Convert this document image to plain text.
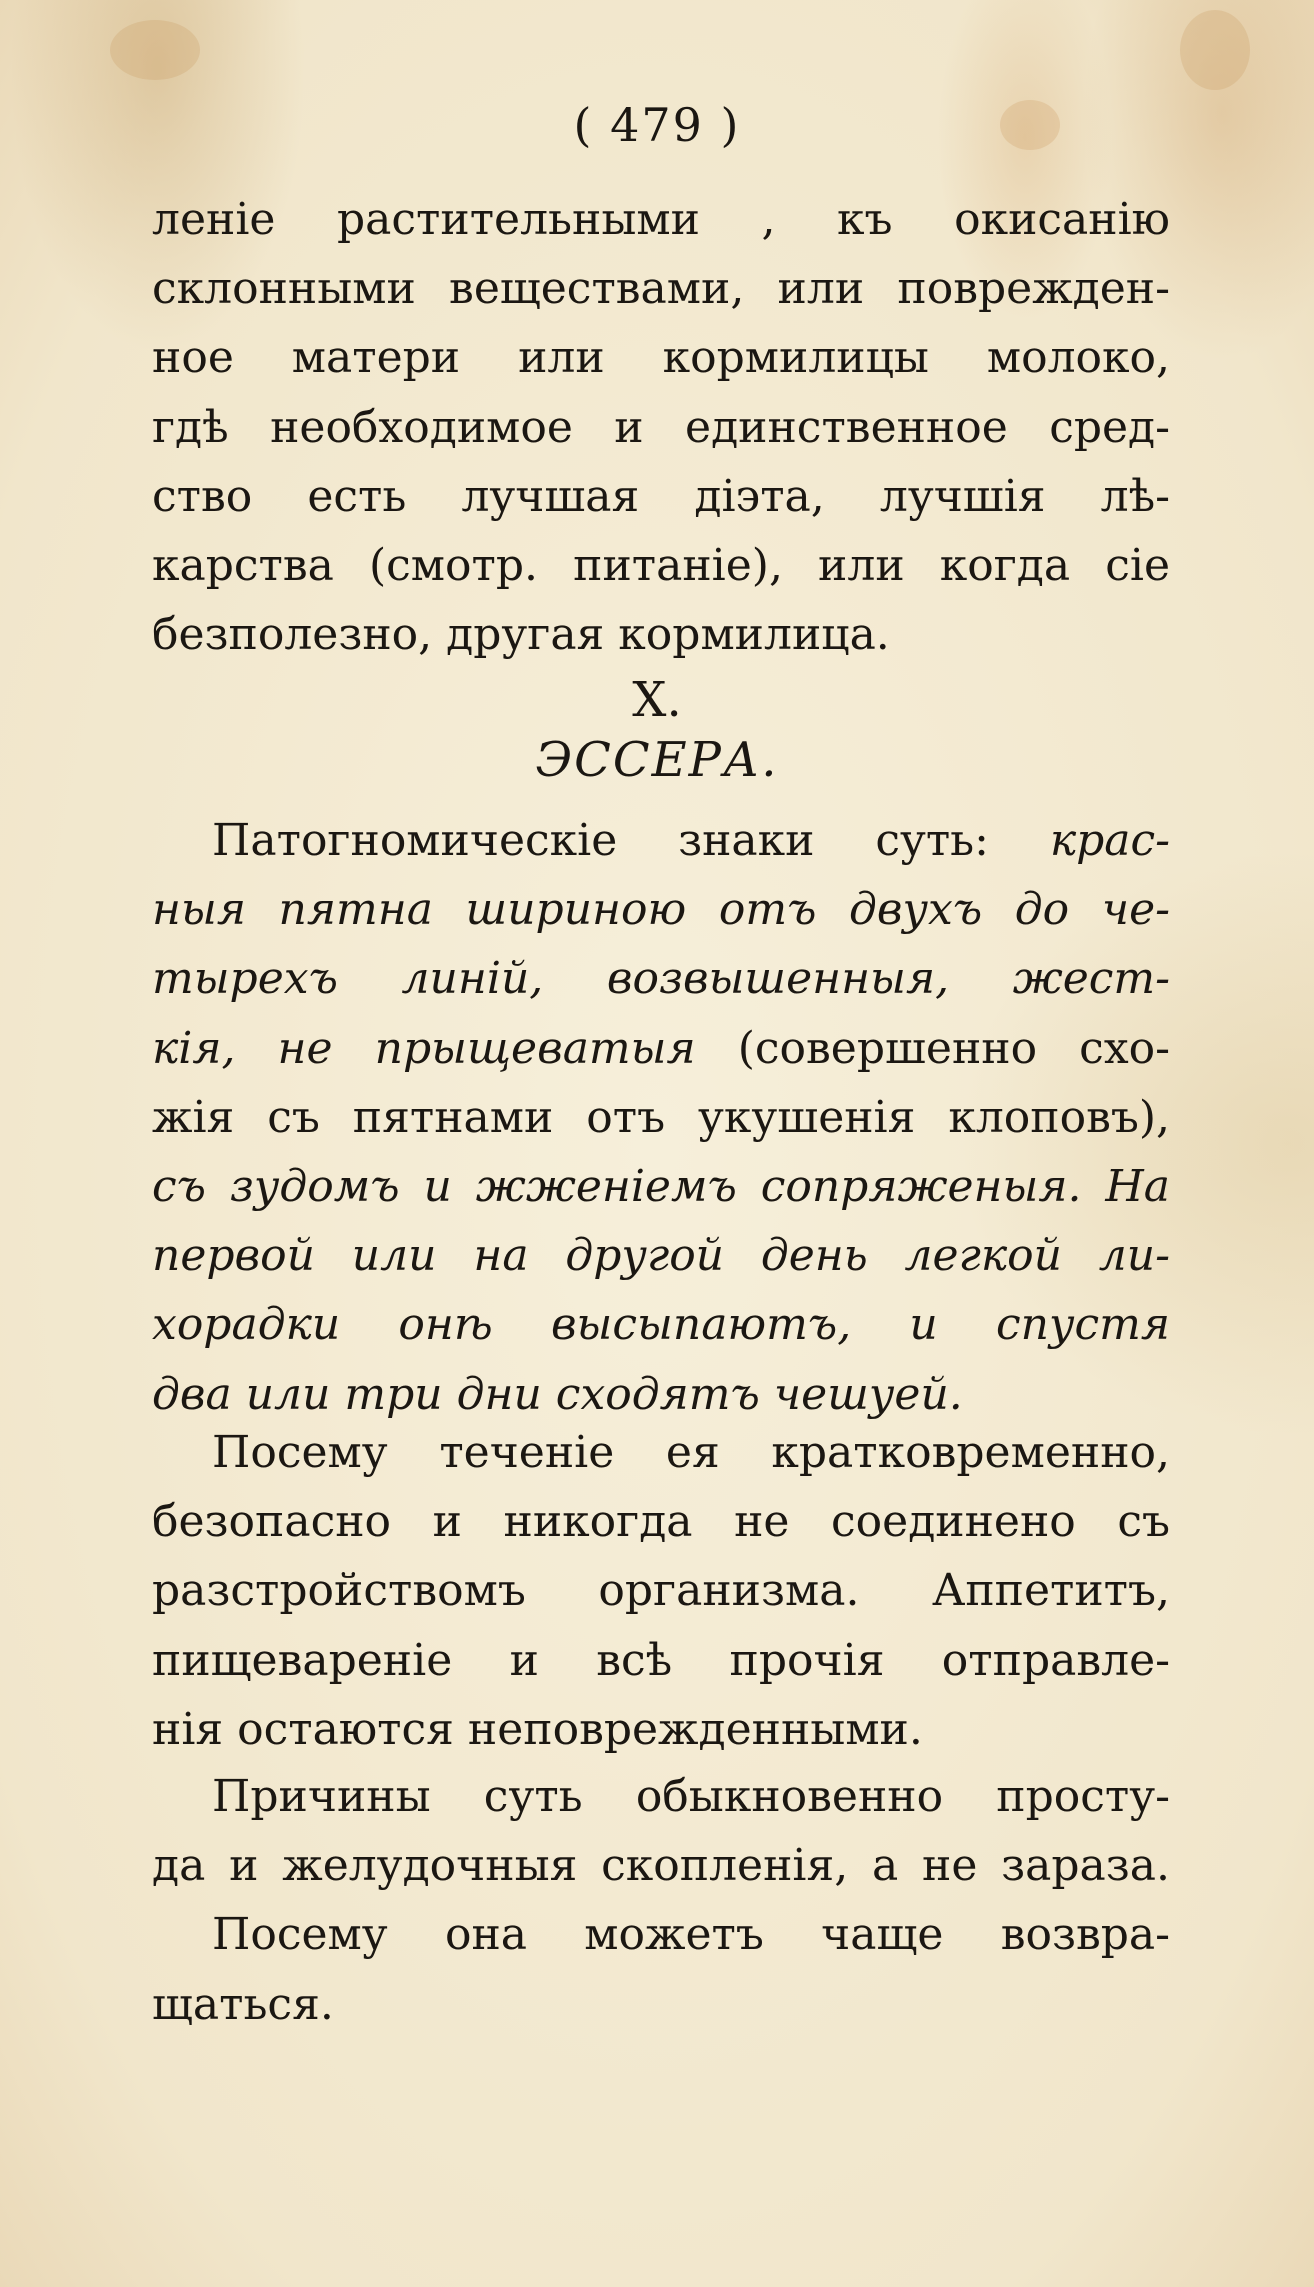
( 479 )
леніе растительными , къ окисанію
склонными веществами, или поврежден-
ное матери или кормилицы молоко,
гдѣ необходимое и единственное сред-
ство есть лучшая діэта, лучшія лѣ-
карства (смотр. питаніе), или когда сіе
безполезно, другая кормилица.
X.
ЭССЕРА.
Патогномическіе знаки суть: крас-
ныя пятна шириною отъ двухъ до че-
тырехъ линій, возвышенныя, жест-
кія, не прыщеватыя (совершенно схо-
жія съ пятнами отъ укушенія клоповъ),
съ зудомъ и жженіемъ сопряженыя. На
первой или на другой день легкой ли-
хорадки онѣ высыпаютъ, и спустя
два или три дни сходятъ чешуей.
Посему теченіе ея кратковременно,
безопасно и никогда не соединено съ
разстройствомъ организма. Аппетитъ,
пищевареніе и всѣ прочія отправле-
нія остаются неповрежденными.
Причины суть обыкновенно просту-
да и желудочныя скопленія, а не зараза.
Посему она можетъ чаще возвра-
щаться.
